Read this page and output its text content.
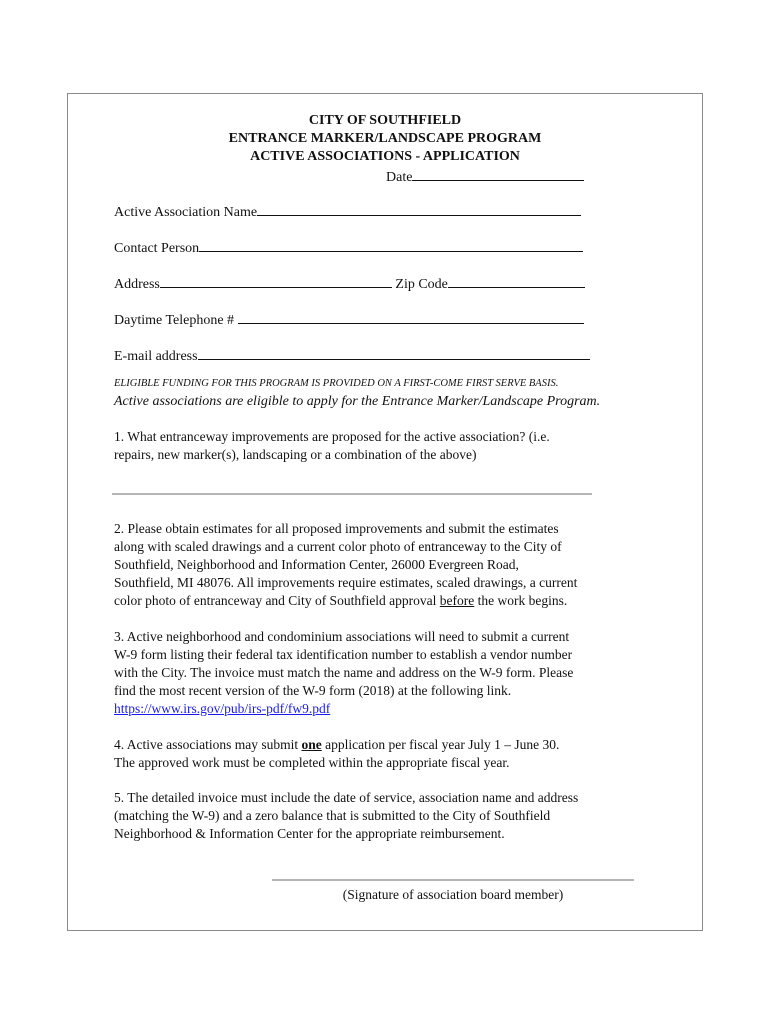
CITY OF SOUTHFIELD
ENTRANCE MARKER/LANDSCAPE PROGRAM
ACTIVE ASSOCIATIONS - APPLICATION
Date
Active Association Name
Contact Person
Address	Zip Code
Daytime Telephone #
E-mail address
ELIGIBLE FUNDING FOR THIS PROGRAM IS PROVIDED ON A FIRST-COME FIRST SERVE BASIS.
Active associations are eligible to apply for the Entrance Marker/Landscape Program.
1. What entranceway improvements are proposed for the active association? (i.e.
repairs, new marker(s), landscaping or a combination of the above)
2. Please obtain estimates for all proposed improvements and submit the estimates
along with scaled drawings and a current color photo of entranceway to the City of
Southfield, Neighborhood and Information Center, 26000 Evergreen Road,
Southfield, MI 48076. All improvements require estimates, scaled drawings, a current
color photo of entranceway and City of Southfield approval before the work begins.
3. Active neighborhood and condominium associations will need to submit a current
W-9 form listing their federal tax identification number to establish a vendor number
with the City. The invoice must match the name and address on the W-9 form. Please
find the most recent version of the W-9 form (2018) at the following link.
https://www.irs.gov/pub/irs-pdf/fw9.pdf
4. Active associations may submit one application per fiscal year July 1 – June 30.
The approved work must be completed within the appropriate fiscal year.
5. The detailed invoice must include the date of service, association name and address
(matching the W-9) and a zero balance that is submitted to the City of Southfield
Neighborhood & Information Center for the appropriate reimbursement.
(Signature of association board member)
